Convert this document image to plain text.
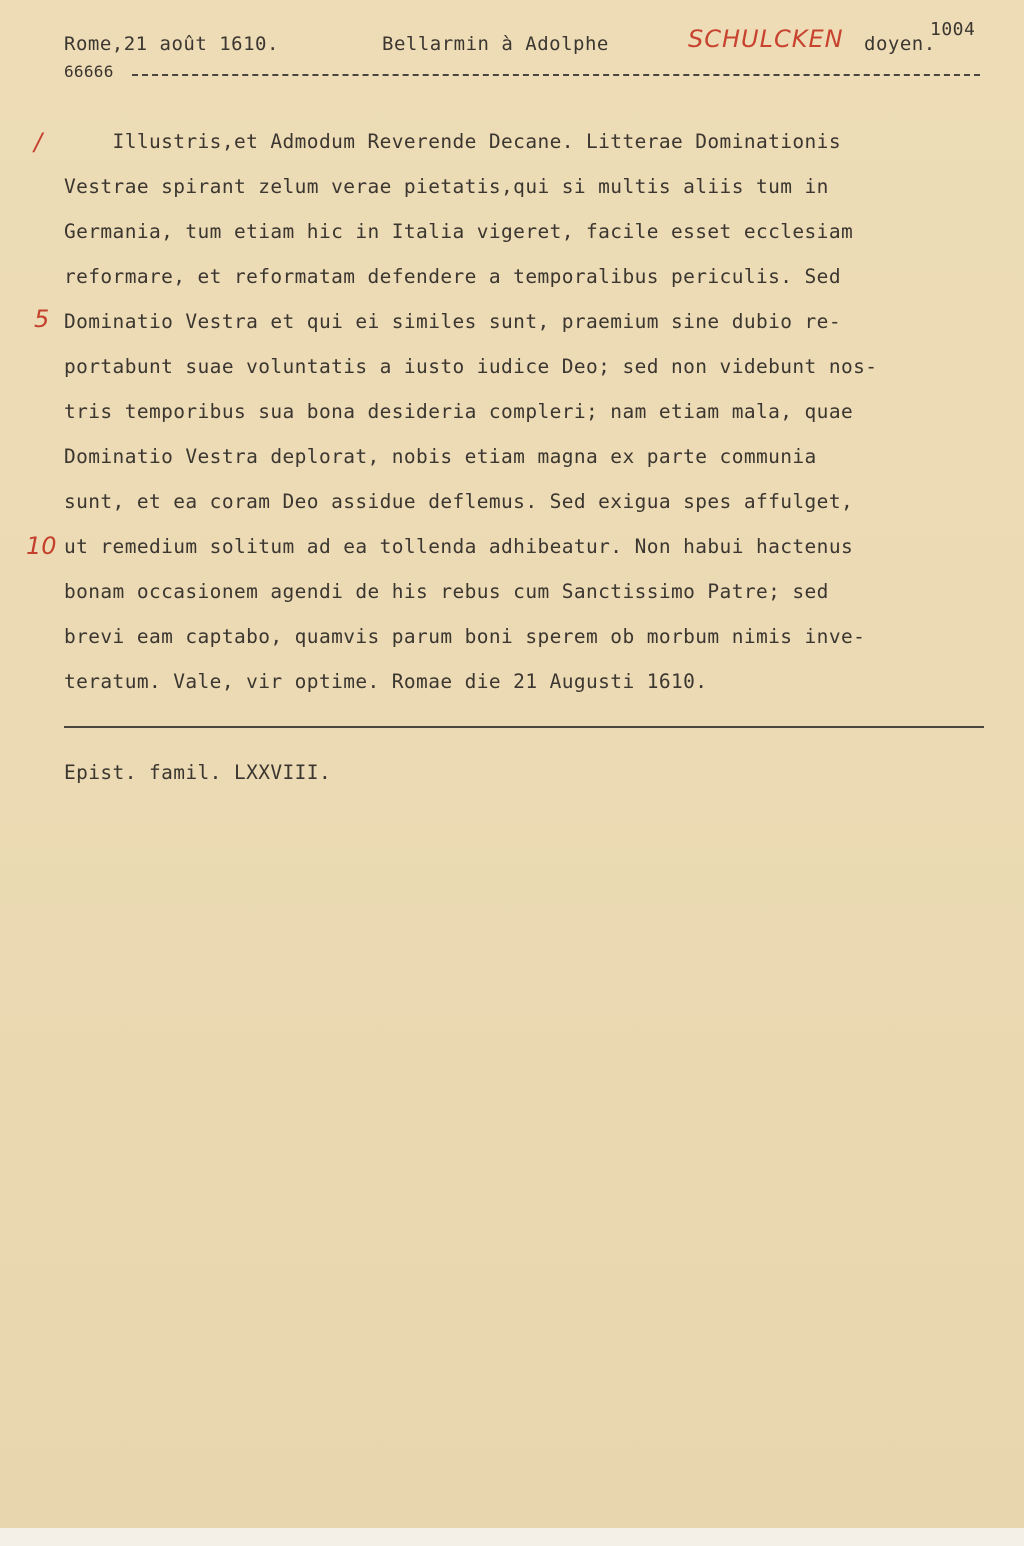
Rome,21 août 1610.	Bellarmin à Adolphe	SCHULCKEN doyen.
1004
66666
/
5
10
Illustris,et Admodum Reverende Decane. Litterae Dominationis
Vestrae spirant zelum verae pietatis,qui si multis aliis tum in
Germania, tum etiam hic in Italia vigeret, facile esset ecclesiam
reformare, et reformatam defendere a temporalibus periculis. Sed
Dominatio Vestra et qui ei similes sunt, praemium sine dubio re-
portabunt suae voluntatis a iusto iudice Deo; sed non videbunt nos-
tris temporibus sua bona desideria compleri; nam etiam mala, quae
Dominatio Vestra deplorat, nobis etiam magna ex parte communia
sunt, et ea coram Deo assidue deflemus. Sed exigua spes affulget,
ut remedium solitum ad ea tollenda adhibeatur. Non habui hactenus
bonam occasionem agendi de his rebus cum Sanctissimo Patre; sed
brevi eam captabo, quamvis parum boni sperem ob morbum nimis inve-
teratum. Vale, vir optime. Romae die 21 Augusti 1610.
Epist. famil. LXXVIII.
